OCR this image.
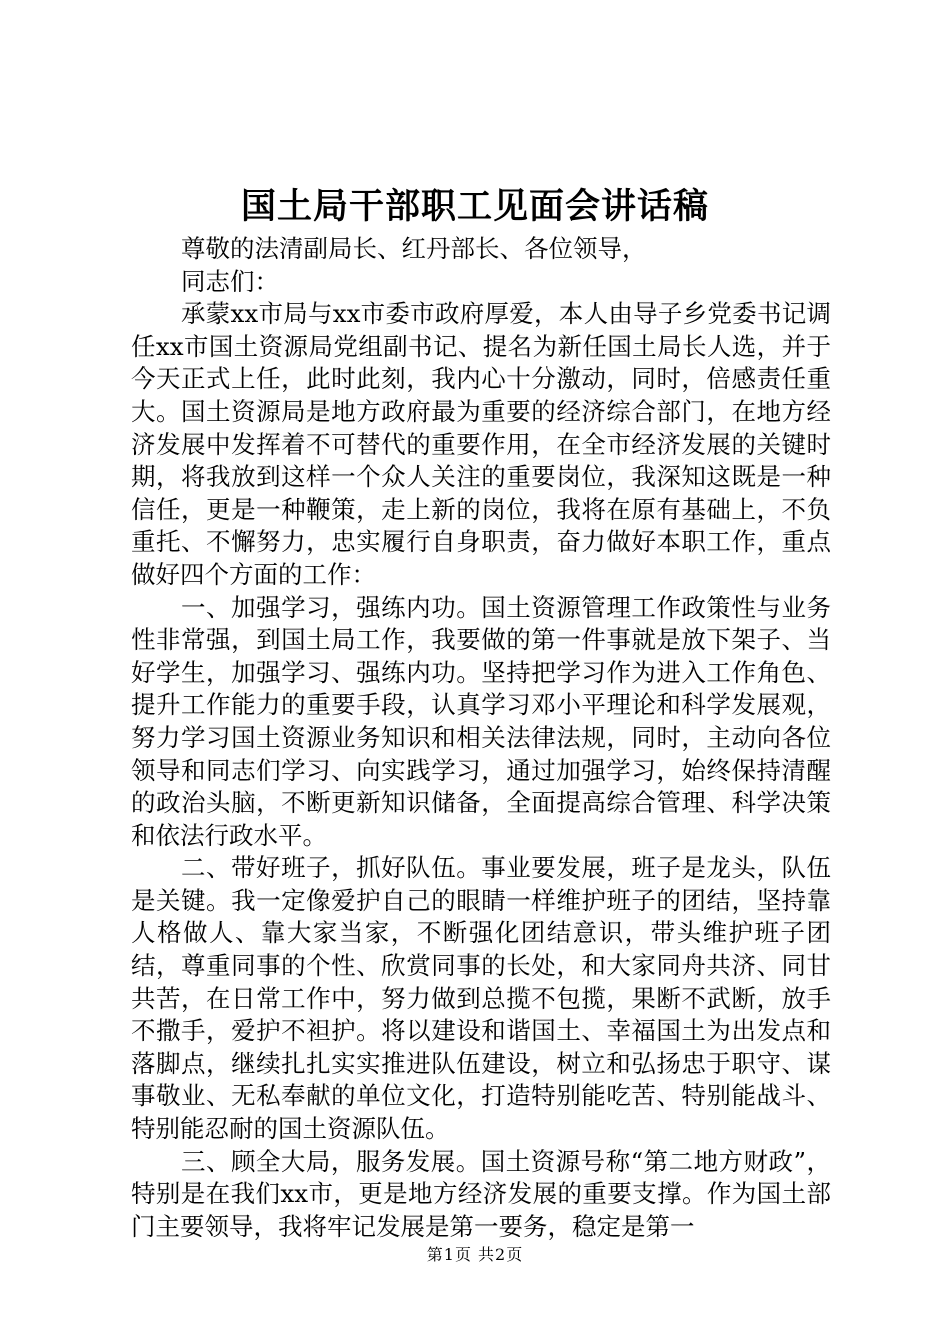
国土局干部职工见面会讲话稿

尊敬的法清副局长、红丹部长、各位领导，

同志们：

承蒙xx市局与xx市委市政府厚爱，本人由导子乡党委书记调任xx市国土资源局党组副书记、提名为新任国土局长人选，并于今天正式上任，此时此刻，我内心十分激动，同时，倍感责任重大。国土资源局是地方政府最为重要的经济综合部门，在地方经济发展中发挥着不可替代的重要作用，在全市经济发展的关键时期，将我放到这样一个众人关注的重要岗位，我深知这既是一种信任，更是一种鞭策，走上新的岗位，我将在原有基础上，不负重托、不懈努力，忠实履行自身职责，奋力做好本职工作，重点做好四个方面的工作：

一、加强学习，强练内功。国土资源管理工作政策性与业务性非常强，到国土局工作，我要做的第一件事就是放下架子、当好学生，加强学习、强练内功。坚持把学习作为进入工作角色、提升工作能力的重要手段，认真学习邓小平理论和科学发展观，努力学习国土资源业务知识和相关法律法规，同时，主动向各位领导和同志们学习、向实践学习，通过加强学习，始终保持清醒的政治头脑，不断更新知识储备，全面提高综合管理、科学决策和依法行政水平。

二、带好班子，抓好队伍。事业要发展，班子是龙头，队伍是关键。我一定像爱护自己的眼睛一样维护班子的团结，坚持靠人格做人、靠大家当家，不断强化团结意识，带头维护班子团结，尊重同事的个性、欣赏同事的长处，和大家同舟共济、同甘共苦，在日常工作中，努力做到总揽不包揽，果断不武断，放手不撒手，爱护不袒护。将以建设和谐国土、幸福国土为出发点和落脚点，继续扎扎实实推进队伍建设，树立和弘扬忠于职守、谋事敬业、无私奉献的单位文化，打造特别能吃苦、特别能战斗、特别能忍耐的国土资源队伍。

三、顾全大局，服务发展。国土资源号称“第二地方财政”，特别是在我们xx市，更是地方经济发展的重要支撑。作为国土部门主要领导，我将牢记发展是第一要务，稳定是第一

第1页 共2页
